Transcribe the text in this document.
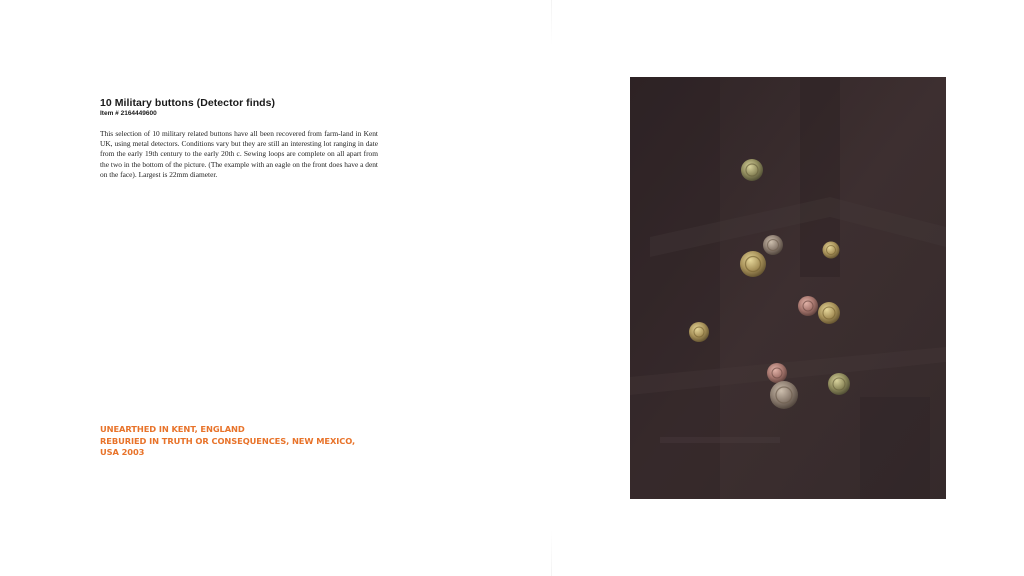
10 Military buttons (Detector finds)
Item # 2164449600

This selection of 10 military related buttons have all been recovered from farm-land in Kent UK, using metal detectors. Conditions vary but they are still an interesting lot ranging in date from the early 19th century to the early 20th c. Sewing loops are complete on all apart from the two in the bottom of the picture. (The example with an eagle on the front does have a dent on the face). Largest is 22mm diameter.

UNEARTHED IN KENT, ENGLAND
REBURIED IN TRUTH OR CONSEQUENCES, NEW MEXICO,
USA 2003
